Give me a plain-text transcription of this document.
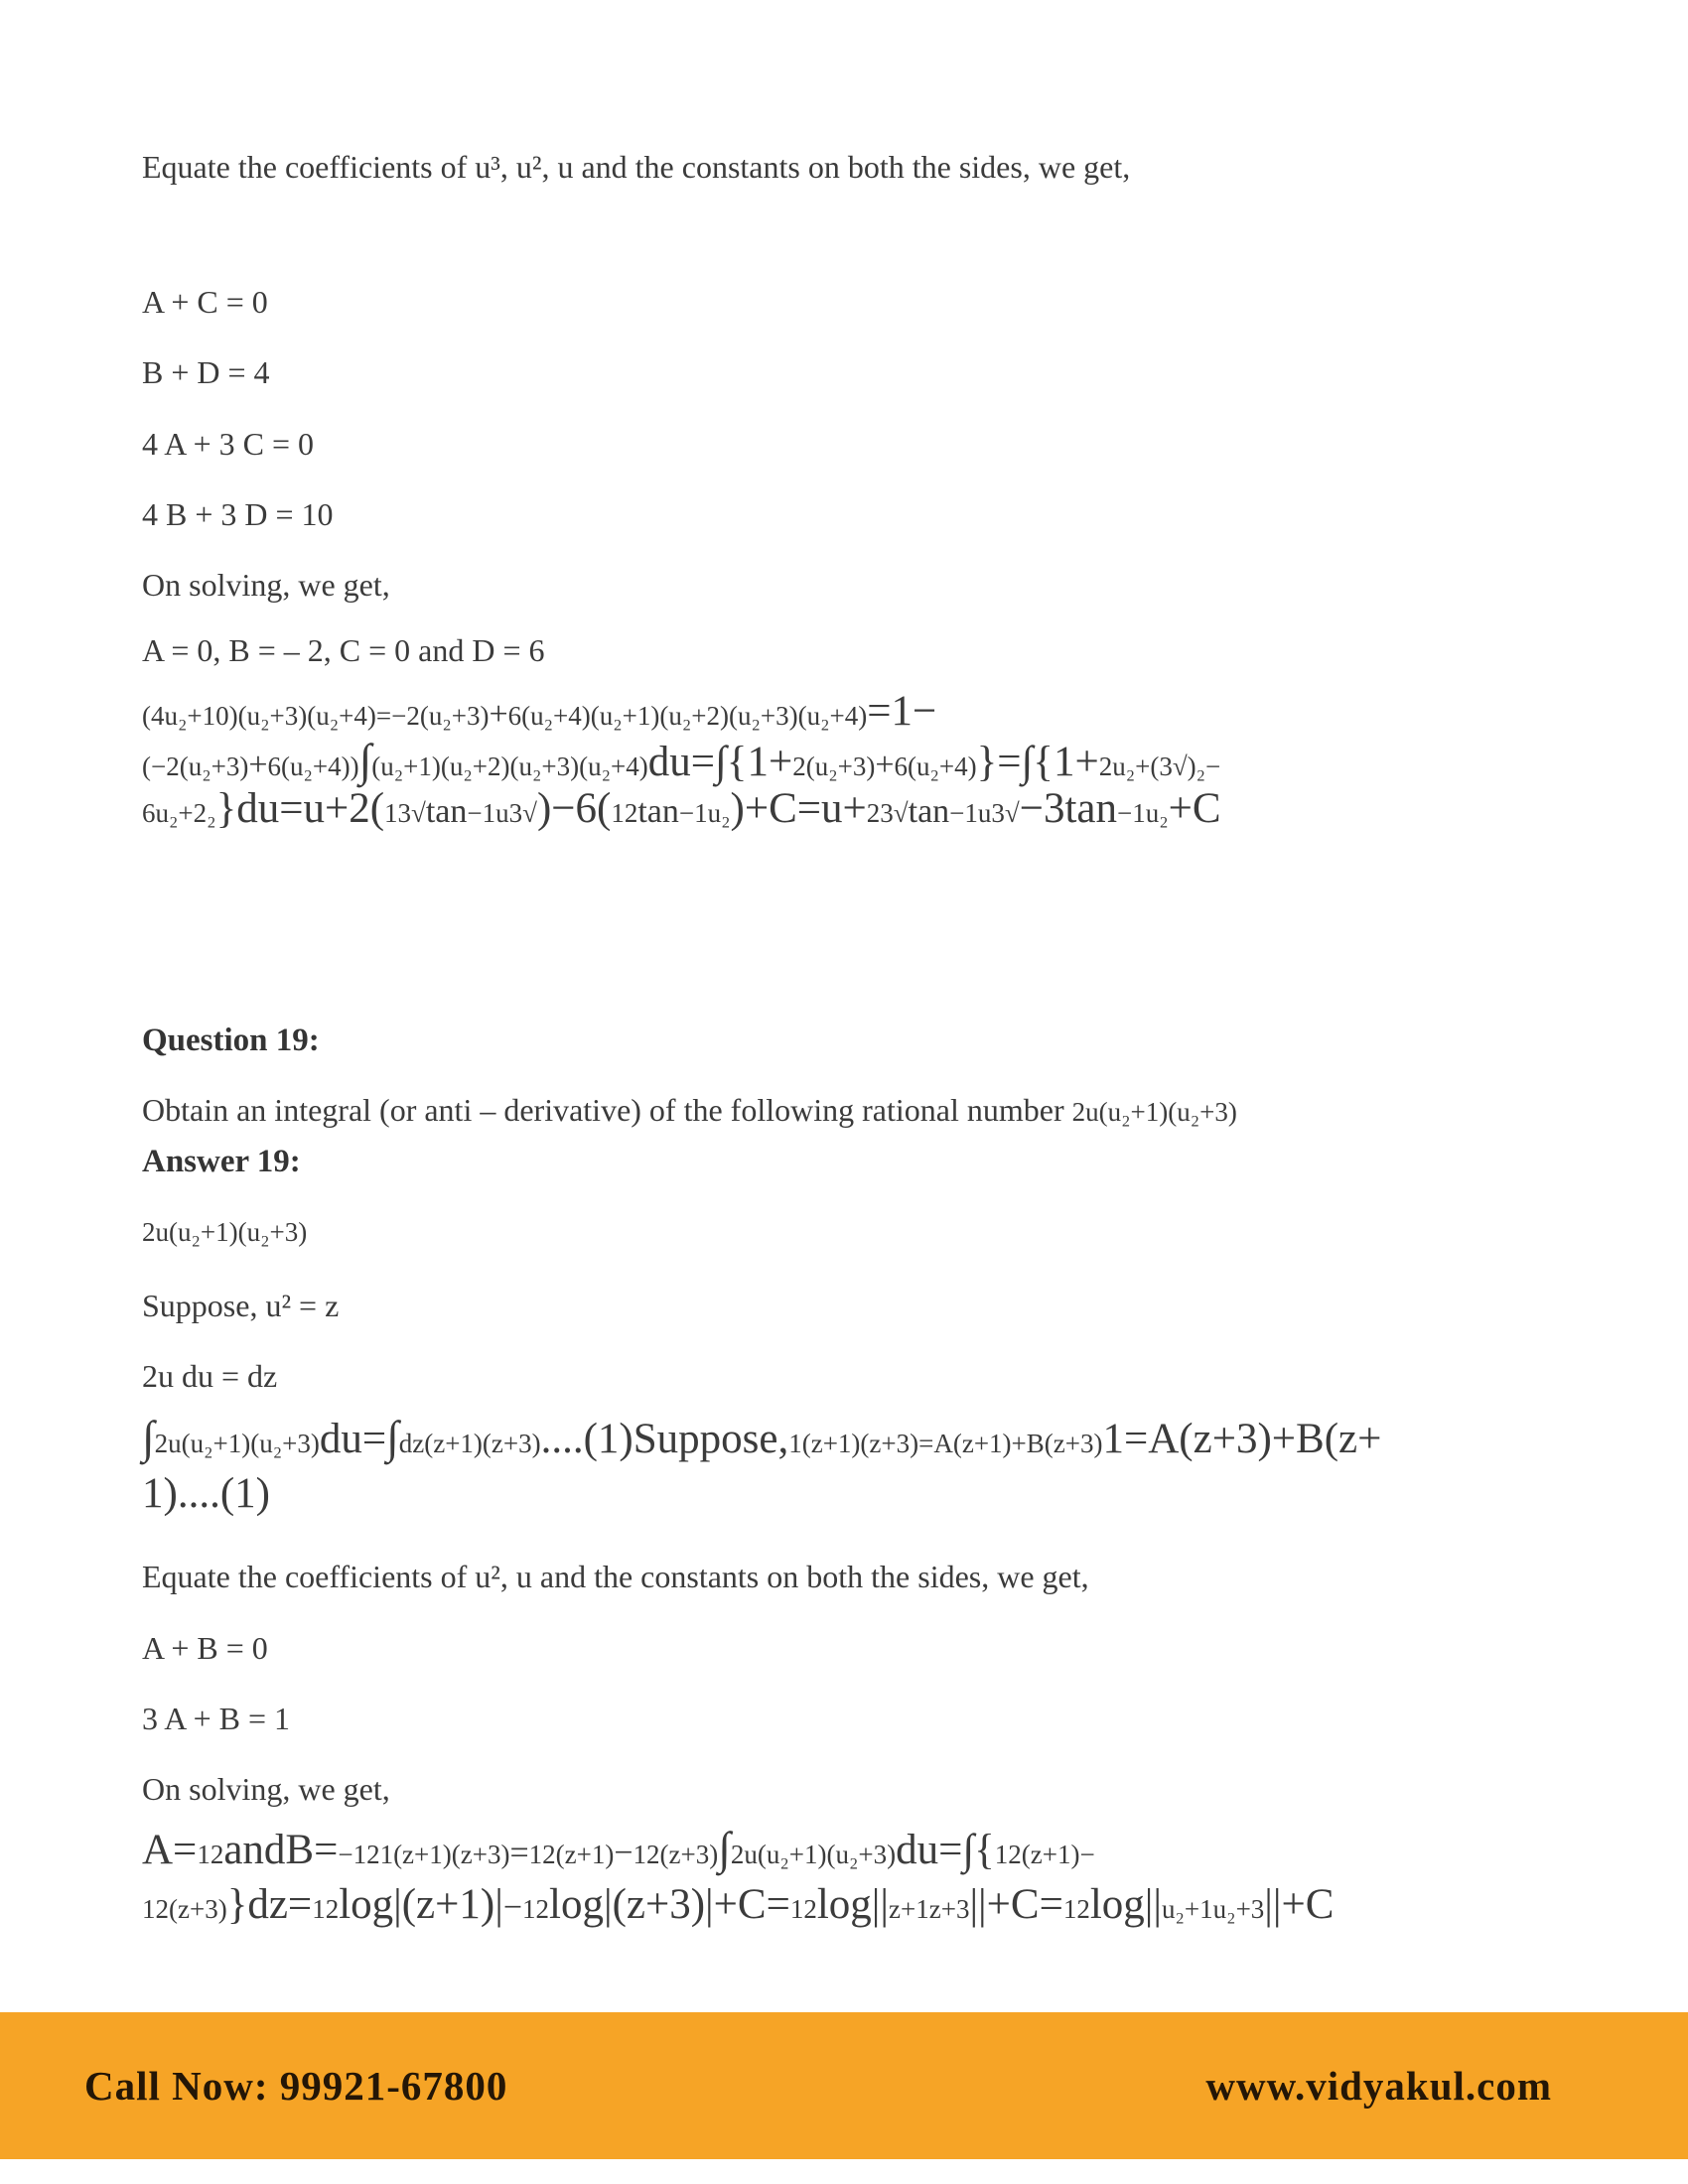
Equate the coefficients of u³, u², u and the constants on both the sides, we get,
A + C = 0
B + D = 4
4 A + 3 C = 0
4 B + 3 D = 10
On solving, we get,
A = 0, B = – 2, C = 0 and D = 6
(4u₂+10)(u₂+3)(u₂+4)=−2(u₂+3)+6(u₂+4)(u₂+1)(u₂+2)(u₂+3)(u₂+4)=1−
(−2(u₂+3)+6(u₂+4))∫(u₂+1)(u₂+2)(u₂+3)(u₂+4)du=∫{1+2(u₂+3)+6(u₂+4)}=∫{1+2u₂+(3√)₂−
6u₂+2₂}du=u+2(13√tan−1u3√)−6(12tan−1u₂)+C=u+23√tan−1u3√−3tan−1u₂+C
Question 19:
Obtain an integral (or anti – derivative) of the following rational number 2u(u₂+1)(u₂+3)
Answer 19:
2u(u₂+1)(u₂+3)
Suppose, u² = z
2u du = dz
∫2u(u₂+1)(u₂+3)du=∫dz(z+1)(z+3)....(1)Suppose,1(z+1)(z+3)=A(z+1)+B(z+3)1=A(z+3)+B(z+
1)....(1)
Equate the coefficients of u², u and the constants on both the sides, we get,
A + B = 0
3 A + B = 1
On solving, we get,
A=12andB=−121(z+1)(z+3)=12(z+1)−12(z+3)∫2u(u₂+1)(u₂+3)du=∫{12(z+1)−
12(z+3)}dz=12log|(z+1)|−12log|(z+3)|+C=12log||z+1z+3||+C=12log||u₂+1u₂+3||+C
Call Now: 99921-67800	www.vidyakul.com
